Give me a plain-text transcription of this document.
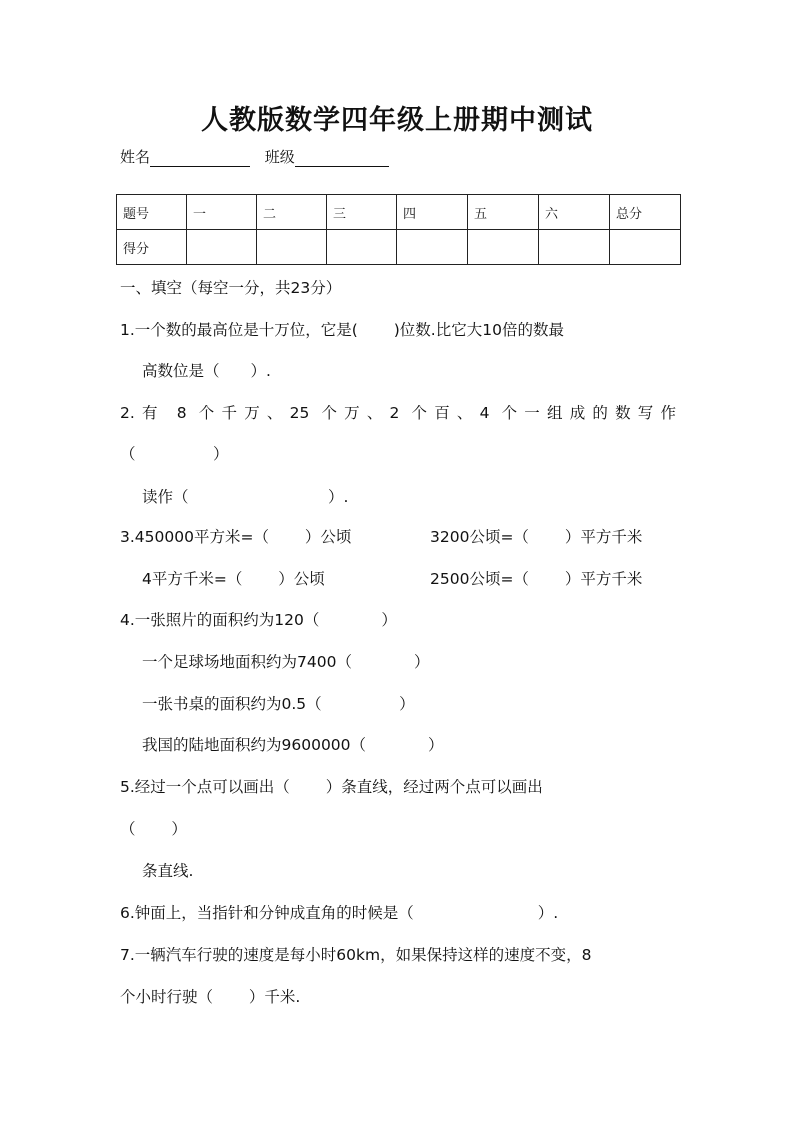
人教版数学四年级上册期中测试
姓名	班级
题号	一	二	三	四	五	六	总分
得分							
一、填空（每空一分，共23分）
1.一个数的最高位是十万位，它是(　　 )位数.比它大10倍的数最
高数位是（　　）.
2.有 8 个千万、25 个万、2 个百、4 个一组成的数写作
（　　　　　）
读作（　　　　　　　　　）.
3.450000平方米=（　　 ）公顷	3200公顷=（　　 ）平方千米
4平方千米=（　　 ）公顷	2500公顷=（　　 ）平方千米
4.一张照片的面积约为120（　　　　）
一个足球场地面积约为7400（　　　　）
一张书桌的面积约为0.5（　　　　　）
我国的陆地面积约为9600000（　　　　）
5.经过一个点可以画出（　　 ）条直线，经过两个点可以画出
（　　 ）
条直线.
6.钟面上，当指针和分钟成直角的时候是（　　　　　　　　）.
7.一辆汽车行驶的速度是每小时60km，如果保持这样的速度不变，8
个小时行驶（　　 ）千米.
